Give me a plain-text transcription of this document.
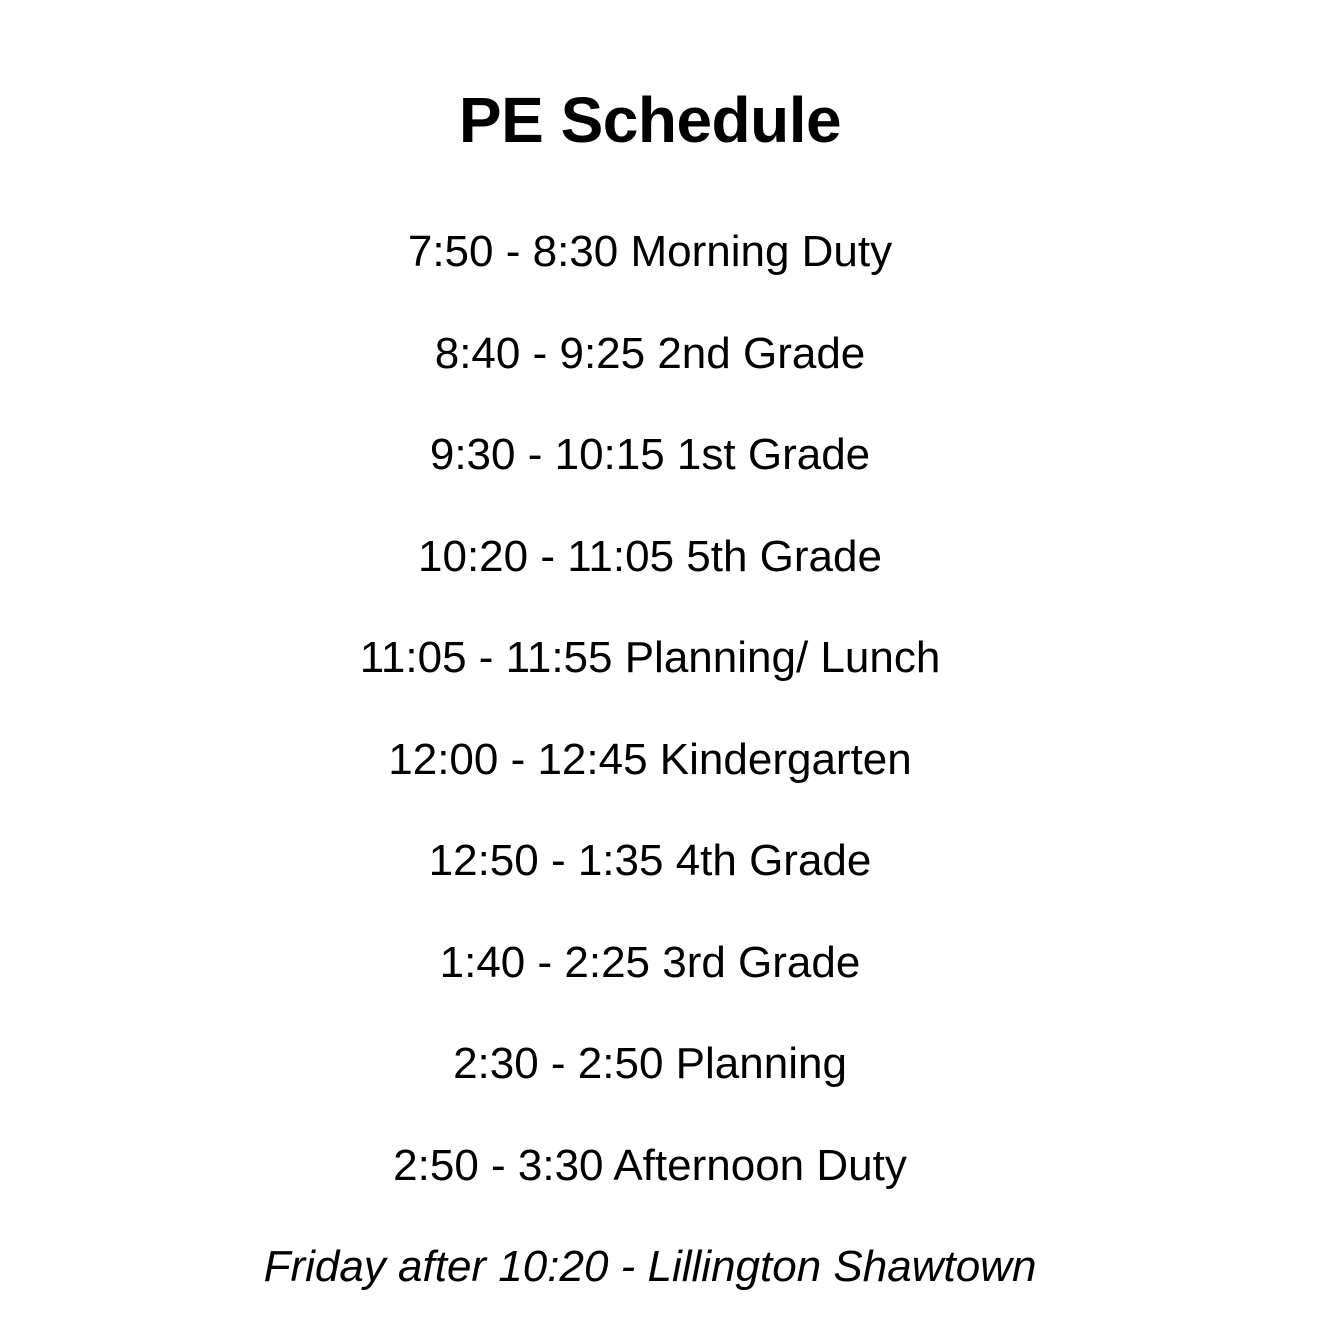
PE Schedule
7:50 - 8:30 Morning Duty
8:40 - 9:25 2nd Grade
9:30 - 10:15 1st Grade
10:20 - 11:05 5th Grade
11:05 - 11:55 Planning/ Lunch
12:00 - 12:45 Kindergarten
12:50 - 1:35 4th Grade
1:40 - 2:25 3rd Grade
2:30 - 2:50 Planning
2:50 - 3:30 Afternoon Duty
Friday after 10:20 - Lillington Shawtown
